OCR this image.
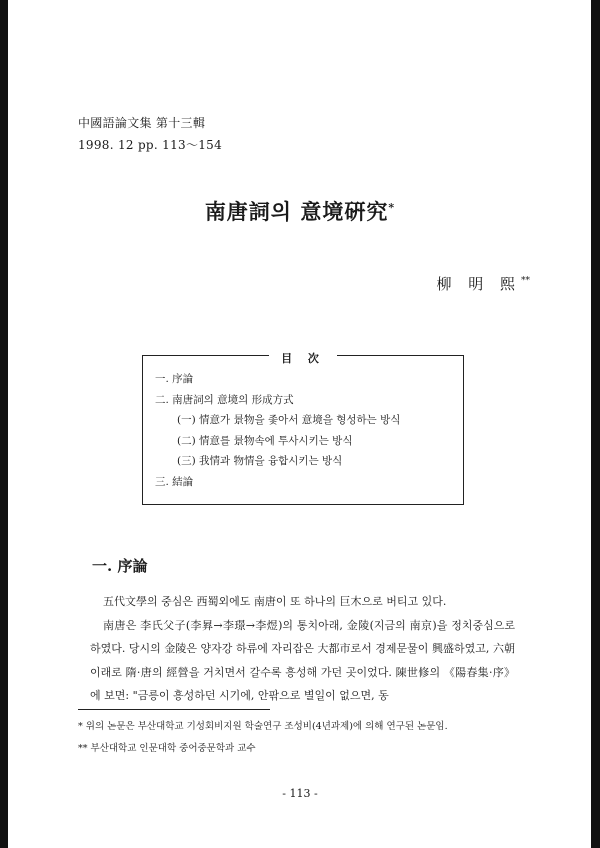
中國語論文集 第十三輯
1998. 12 pp. 113～154
南唐詞의 意境硏究*
柳 明 熙**
目 次
一. 序論
二. 南唐詞의 意境의 形成方式
(一) 情意가 景物을 좇아서 意境을 형성하는 방식
(二) 情意를 景物속에 투사시키는 방식
(三) 我情과 物情을 융합시키는 방식
三. 結論
一. 序論

五代文學의 중심은 西蜀외에도 南唐이 또 하나의 巨木으로 버티고 있다.

南唐은 李氏父子(李昪→李璟→李煜)의 통치아래, 金陵(지금의 南京)을 정치중심으로 하였다. 당시의 金陵은 양자강 하류에 자리잡은 大都市로서 경제문물이 興盛하였고, 六朝이래로 隋·唐의 經營을 거치면서 갈수록 흥성해 가던 곳이었다. 陳世修의 《陽春集·序》에 보면: "금릉이 흥성하던 시기에, 안팎으로 별일이 없으면, 동

* 위의 논문은 부산대학교 기성회비지원 학술연구 조성비(4년과제)에 의해 연구된 논문임.
** 부산대학교 인문대학 중어중문학과 교수
- 113 -
